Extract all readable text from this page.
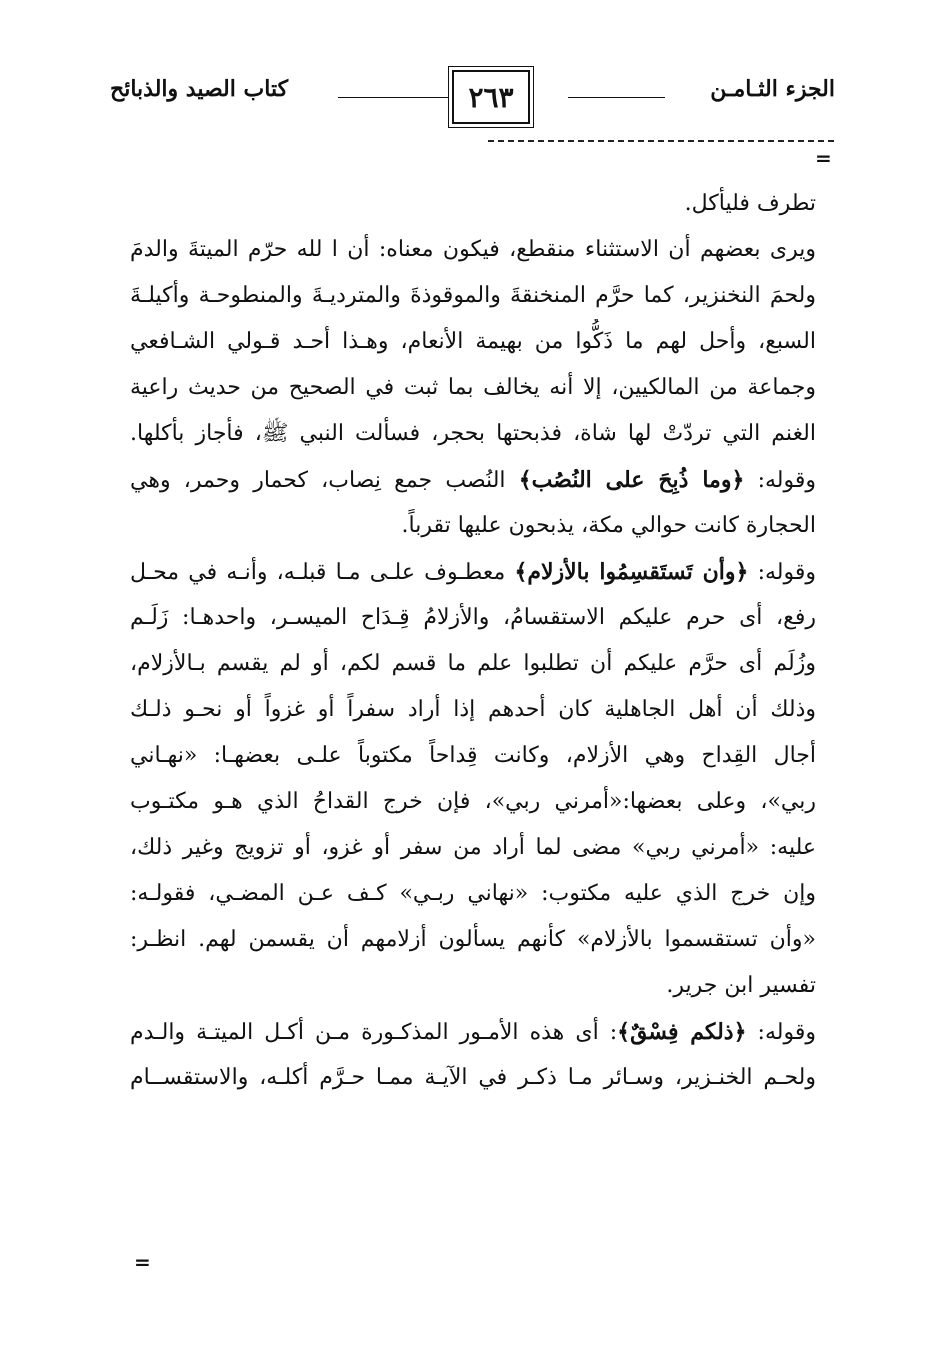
الجزء الثـامـن
٢٦٣
كتاب الصيد والذبائح
=
تطرف فليأكل.
ويرى بعضهم أن الاستثناء منقطع، فيكون معناه: أن ا لله حرّم الميتةَ والدمَ
ولحمَ النخنزير، كما حرَّم المنخنقةَ والموقوذةَ والمترديـةَ والمنطوحـة وأكيلـةَ
السبع، وأحل لهم ما ذَكُّوا من بهيمة الأنعام، وهـذا أحـد قـولي الشـافعي
وجماعة من المالكيين، إلا أنه يخالف بما ثبت في الصحيح من حديث راعية
الغنم التي تردّتْ لها شاة، فذبحتها بحجر، فسألت النبي ﷺ، فأجاز بأكلها.
وقوله: ﴿وما ذُبِحَ على النُصُب﴾ النُصب جمع نِصاب، كحمار وحمر، وهي
الحجارة كانت حوالي مكة، يذبحون عليها تقرباً.
وقوله: ﴿وأن تَستَقسِمُوا بالأزلام﴾ معطـوف علـى مـا قبلـه، وأنـه في محـل
رفع، أى حرم عليكم الاستقسامُ، والأزلامُ قِـدَاح الميسـر، واحدهـا: زَلَـم
وزُلَم أى حرَّم عليكم أن تطلبوا علم ما قسم لكم، أو لم يقسم بـالأزلام،
وذلك أن أهل الجاهلية كان أحدهم إذا أراد سفراً أو غزواً أو نحـو ذلـك
أجال القِداح وهي الأزلام، وكانت قِداحاً مكتوباً علـى بعضهـا: «نهـاني
ربي»، وعلى بعضها:«أمرني ربي»، فإن خرج القداحُ الذي هـو مكتـوب
عليه: «أمرني ربي» مضى لما أراد من سفر أو غزو، أو تزويج وغير ذلك،
وإن خرج الذي عليه مكتوب: «نهاني ربـي» كـف عـن المضـي، فقولـه:
«وأن تستقسموا بالأزلام» كأنهم يسألون أزلامهم أن يقسمن لهم. انظـر:
تفسير ابن جرير.
وقوله: ﴿ذلكم فِسْقٌ﴾: أى هذه الأمـور المذكـورة مـن أكـل الميتـة والـدم
ولحـم الخنـزير، وسـائر مـا ذكـر في الآيـة ممـا حـرَّم أكلـه، والاستقســام
=
